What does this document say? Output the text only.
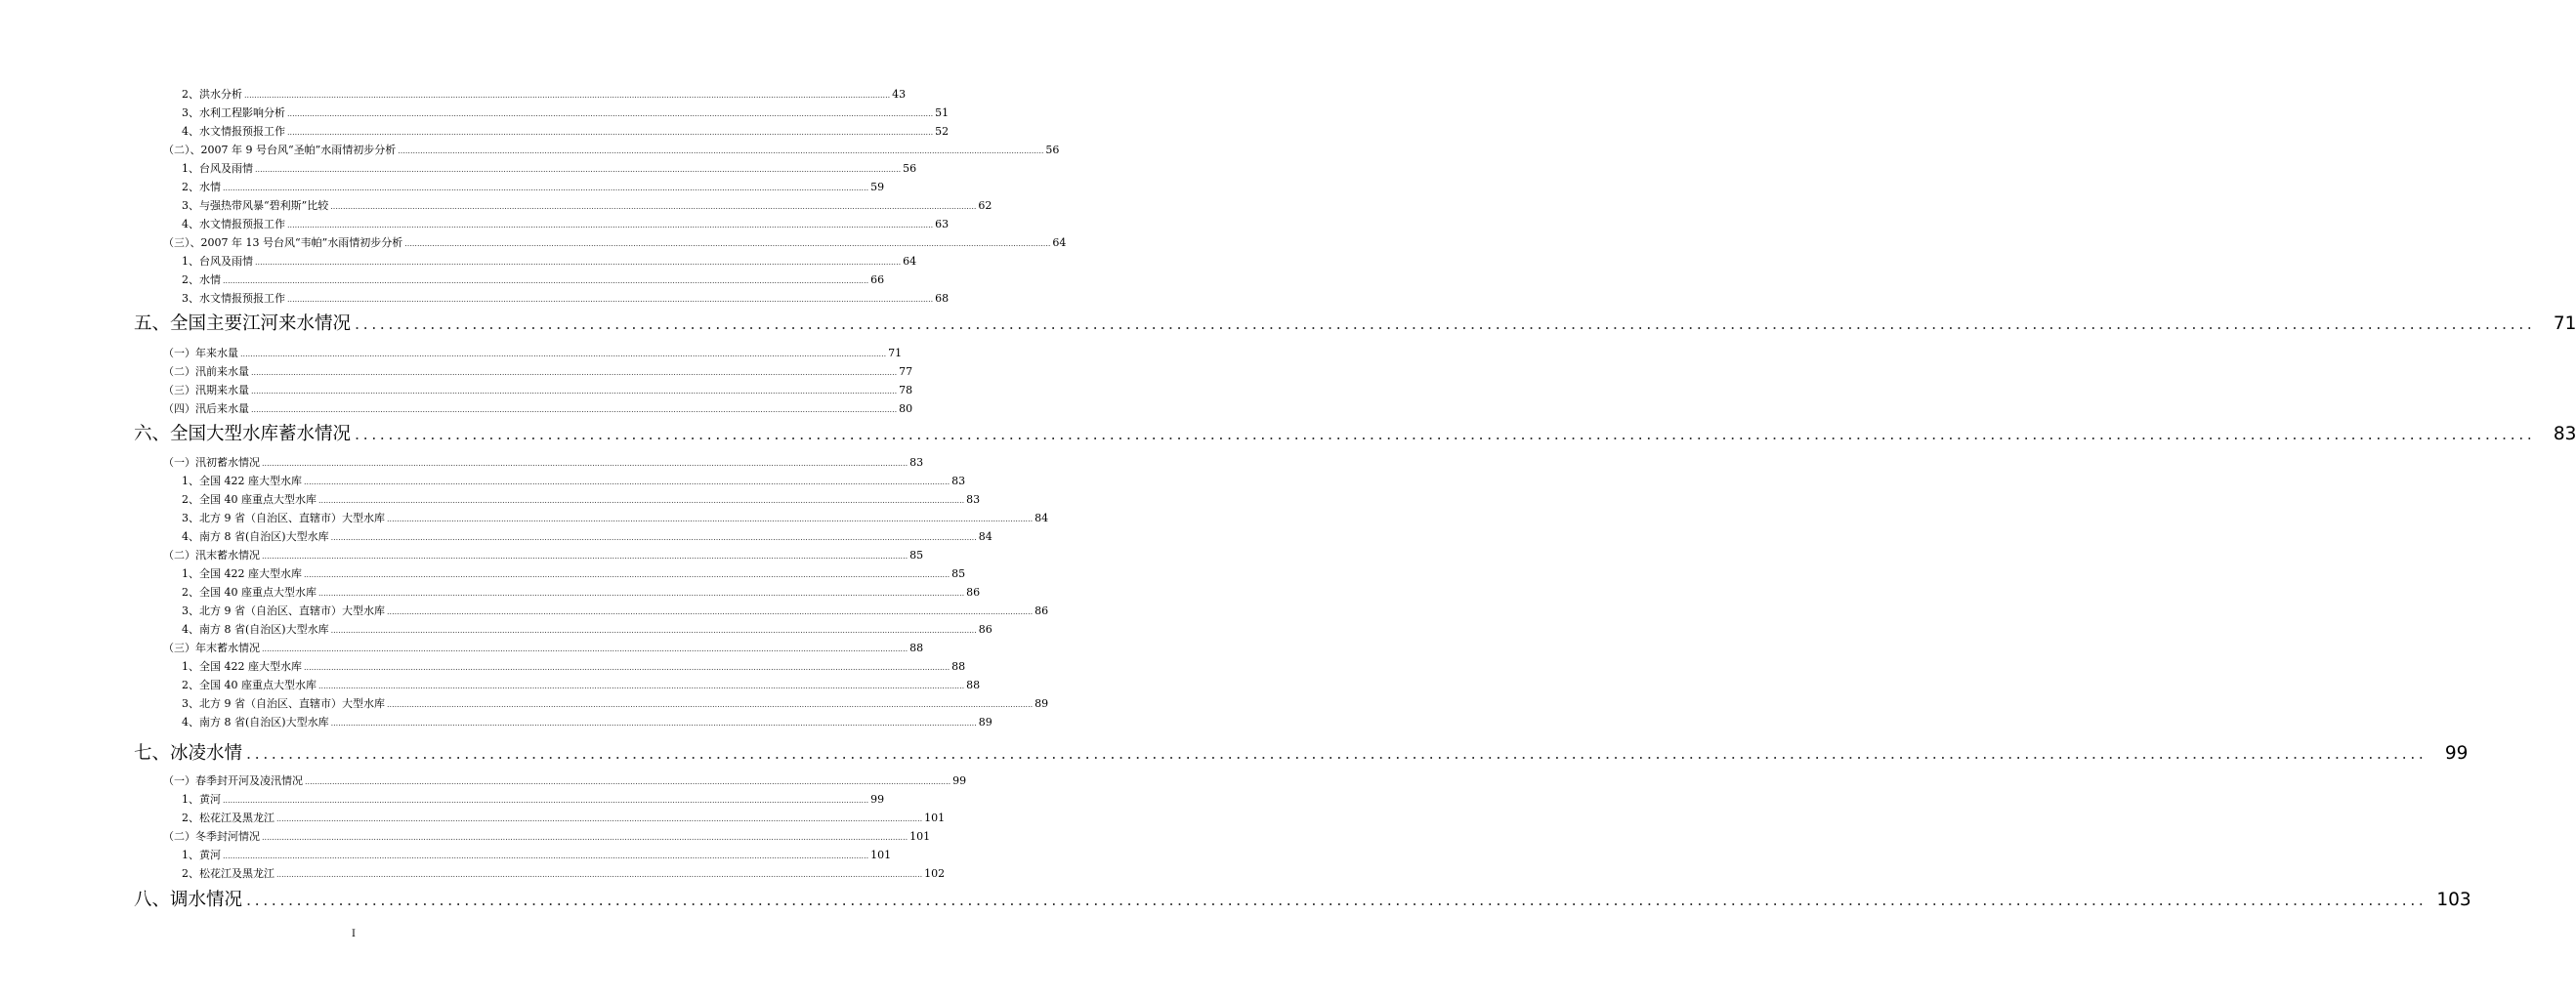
2、洪水分析 .................................................................................................................................................................................................................................................................... 43
3、水利工程影响分析 .................................................................................................................................................................................................................................................................... 51
4、水文情报预报工作 .................................................................................................................................................................................................................................................................... 52
（二）、2007 年 9 号台风“圣帕”水雨情初步分析 .................................................................................................................................................................................................................................................................... 56
1、台风及雨情 .................................................................................................................................................................................................................................................................... 56
2、水情 .................................................................................................................................................................................................................................................................... 59
3、与强热带风暴“碧利斯”比较 .................................................................................................................................................................................................................................................................... 62
4、水文情报预报工作 .................................................................................................................................................................................................................................................................... 63
（三）、2007 年 13 号台风“韦帕”水雨情初步分析 .................................................................................................................................................................................................................................................................... 64
1、台风及雨情 .................................................................................................................................................................................................................................................................... 64
2、水情 .................................................................................................................................................................................................................................................................... 66
3、水文情报预报工作 .................................................................................................................................................................................................................................................................... 68
五、全国主要江河来水情况 .................................................................................................................................................................................................................................................................... 71
（一）年来水量 .................................................................................................................................................................................................................................................................... 71
（二）汛前来水量 .................................................................................................................................................................................................................................................................... 77
（三）汛期来水量 .................................................................................................................................................................................................................................................................... 78
（四）汛后来水量 .................................................................................................................................................................................................................................................................... 80
六、全国大型水库蓄水情况 .................................................................................................................................................................................................................................................................... 83
（一）汛初蓄水情况 .................................................................................................................................................................................................................................................................... 83
1、全国 422 座大型水库 .................................................................................................................................................................................................................................................................... 83
2、全国 40 座重点大型水库 .................................................................................................................................................................................................................................................................... 83
3、北方 9 省（自治区、直辖市）大型水库 .................................................................................................................................................................................................................................................................... 84
4、南方 8 省(自治区)大型水库 .................................................................................................................................................................................................................................................................... 84
（二）汛末蓄水情况 .................................................................................................................................................................................................................................................................... 85
1、全国 422 座大型水库 .................................................................................................................................................................................................................................................................... 85
2、全国 40 座重点大型水库 .................................................................................................................................................................................................................................................................... 86
3、北方 9 省（自治区、直辖市）大型水库 .................................................................................................................................................................................................................................................................... 86
4、南方 8 省(自治区)大型水库 .................................................................................................................................................................................................................................................................... 86
（三）年末蓄水情况 .................................................................................................................................................................................................................................................................... 88
1、全国 422 座大型水库 .................................................................................................................................................................................................................................................................... 88
2、全国 40 座重点大型水库 .................................................................................................................................................................................................................................................................... 88
3、北方 9 省（自治区、直辖市）大型水库 .................................................................................................................................................................................................................................................................... 89
4、南方 8 省(自治区)大型水库 .................................................................................................................................................................................................................................................................... 89
七、冰凌水情 .................................................................................................................................................................................................................................................................... 99
（一）春季封开河及凌汛情况 .................................................................................................................................................................................................................................................................... 99
1、黄河 .................................................................................................................................................................................................................................................................... 99
2、松花江及黑龙江 .................................................................................................................................................................................................................................................................... 101
（二）冬季封河情况 .................................................................................................................................................................................................................................................................... 101
1、黄河 .................................................................................................................................................................................................................................................................... 101
2、松花江及黑龙江 .................................................................................................................................................................................................................................................................... 102
八、调水情况 .................................................................................................................................................................................................................................................................... 103
I
